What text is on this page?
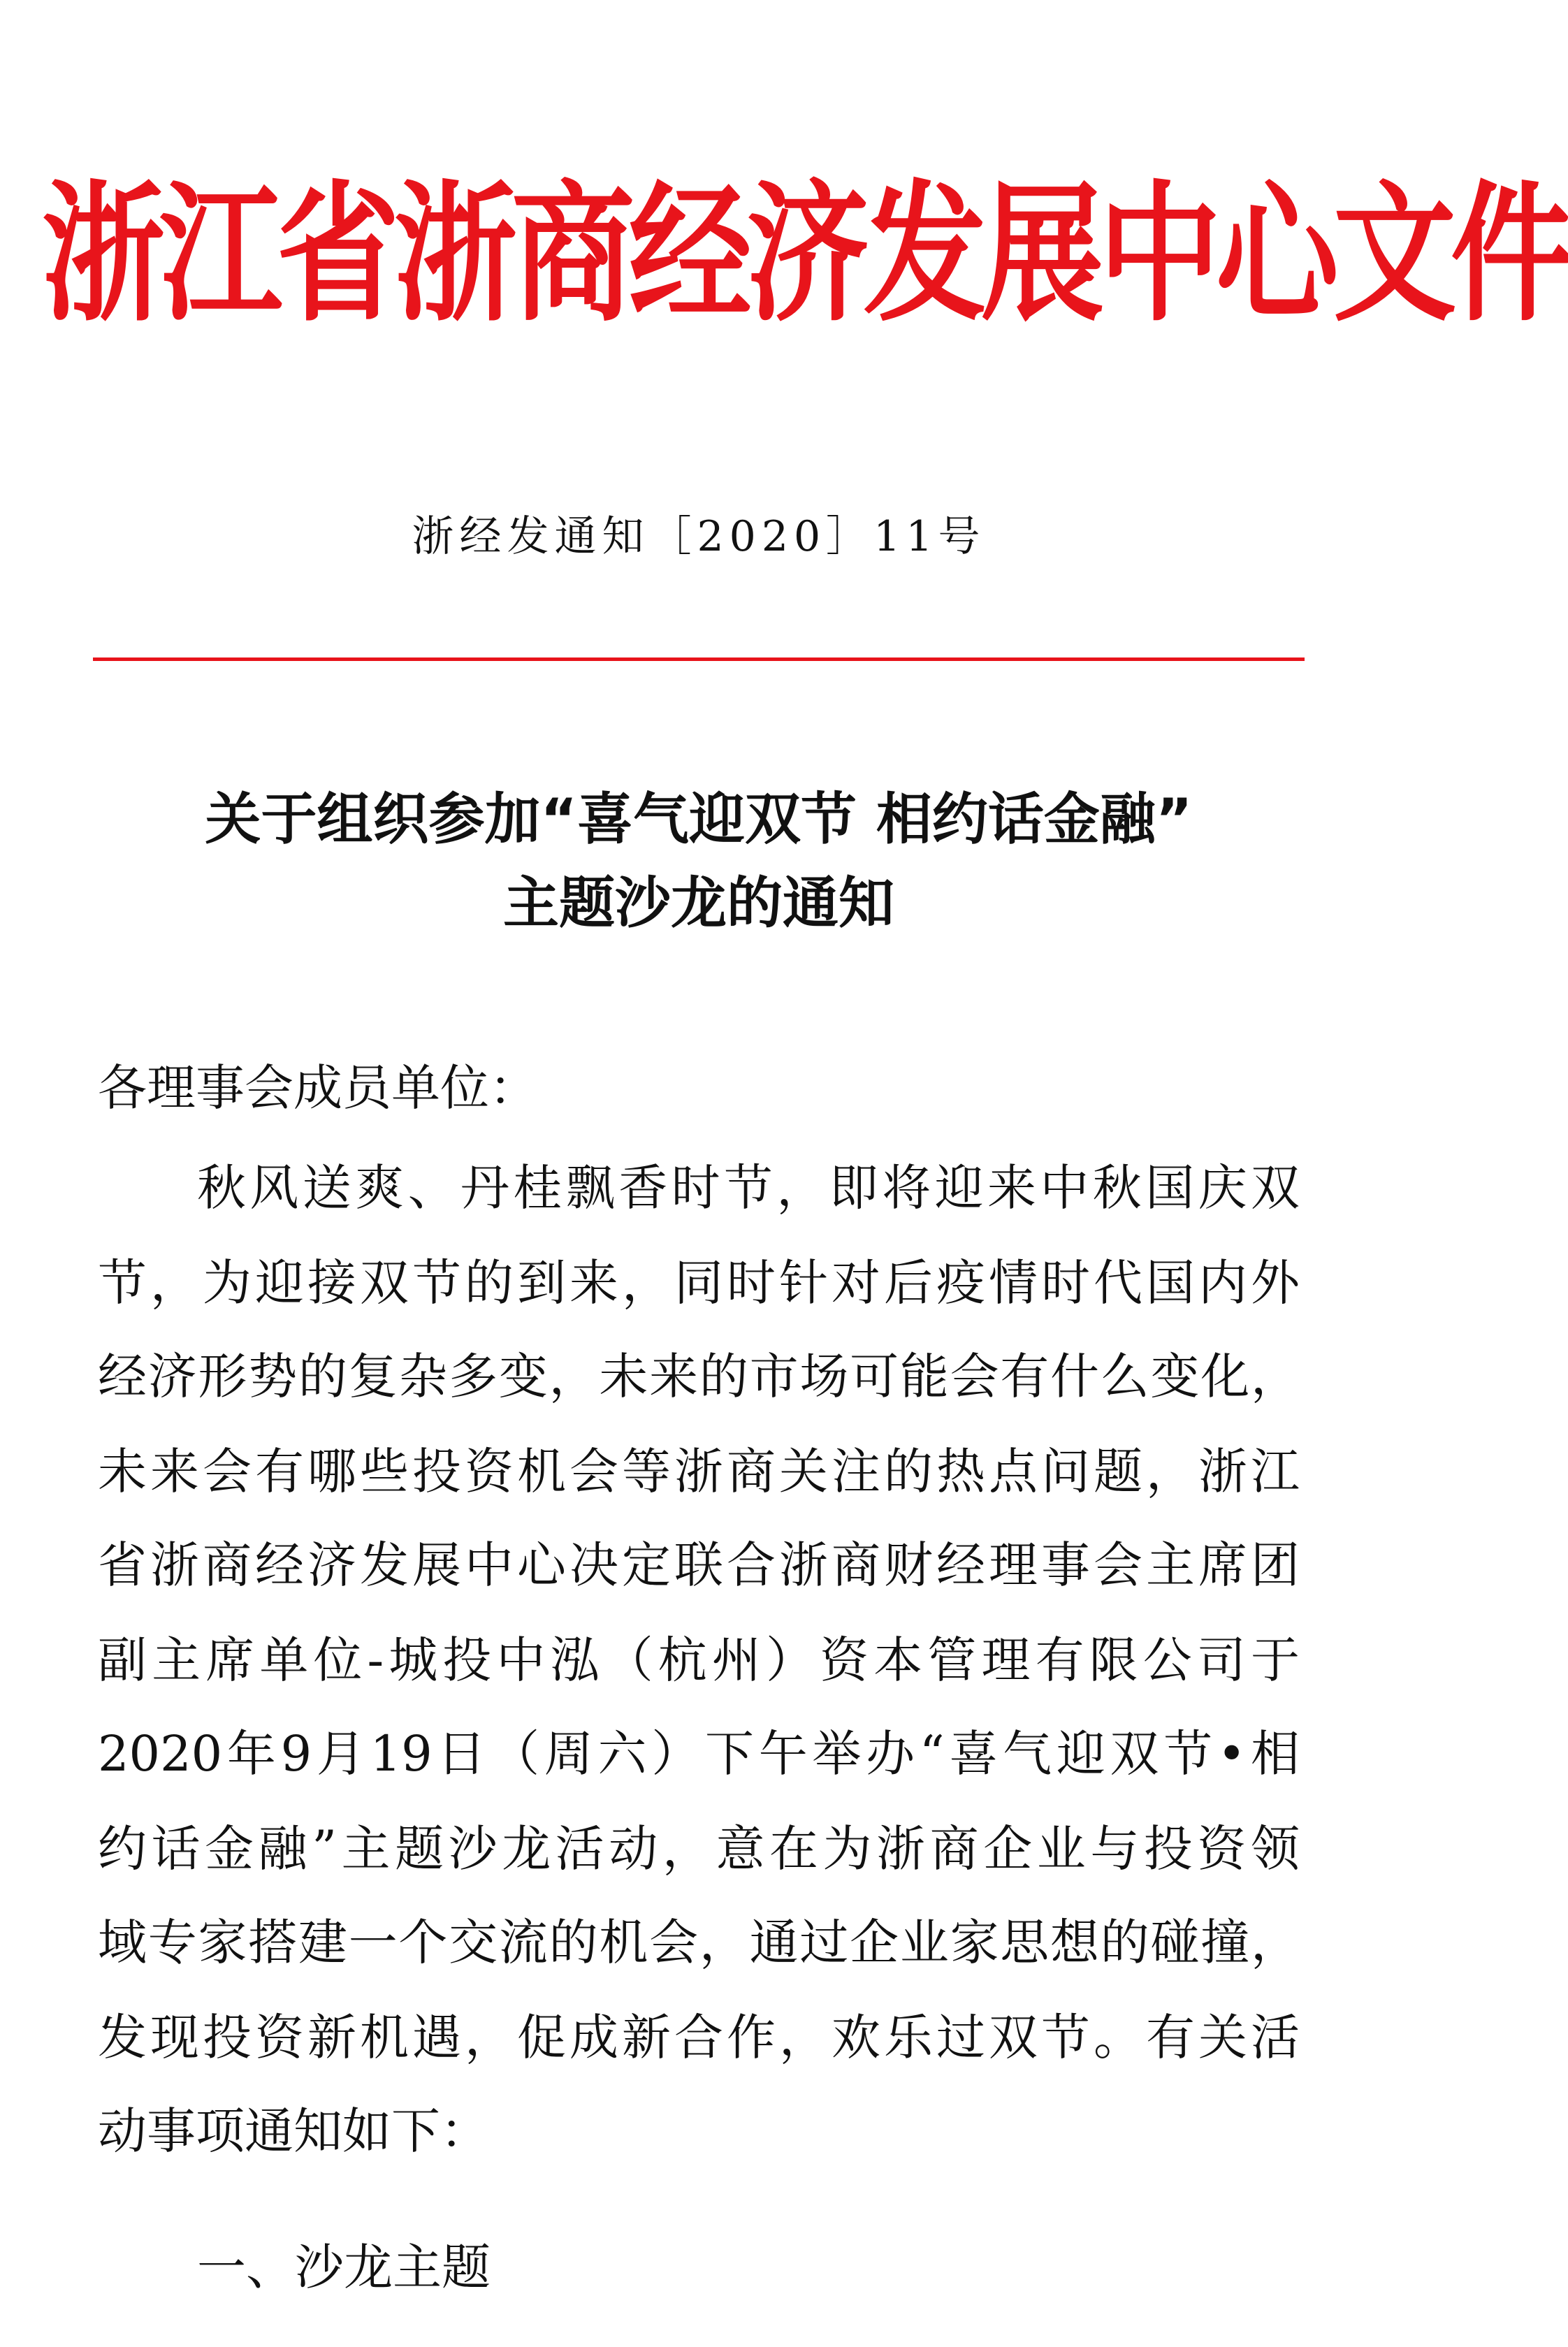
浙江省浙商经济发展中心文件
浙经发通知［2020］11号
关于组织参加“喜气迎双节 相约话金融”
主题沙龙的通知
各理事会成员单位：
秋风送爽、丹桂飘香时节，即将迎来中秋国庆双
节，为迎接双节的到来，同时针对后疫情时代国内外
经济形势的复杂多变，未来的市场可能会有什么变化，
未来会有哪些投资机会等浙商关注的热点问题，浙江
省浙商经济发展中心决定联合浙商财经理事会主席团
副主席单位-城投中泓（杭州）资本管理有限公司于
2020年9月19日（周六）下午举办“喜气迎双节•相
约话金融”主题沙龙活动，意在为浙商企业与投资领
域专家搭建一个交流的机会，通过企业家思想的碰撞，
发现投资新机遇，促成新合作，欢乐过双节。有关活
动事项通知如下：
一、沙龙主题
